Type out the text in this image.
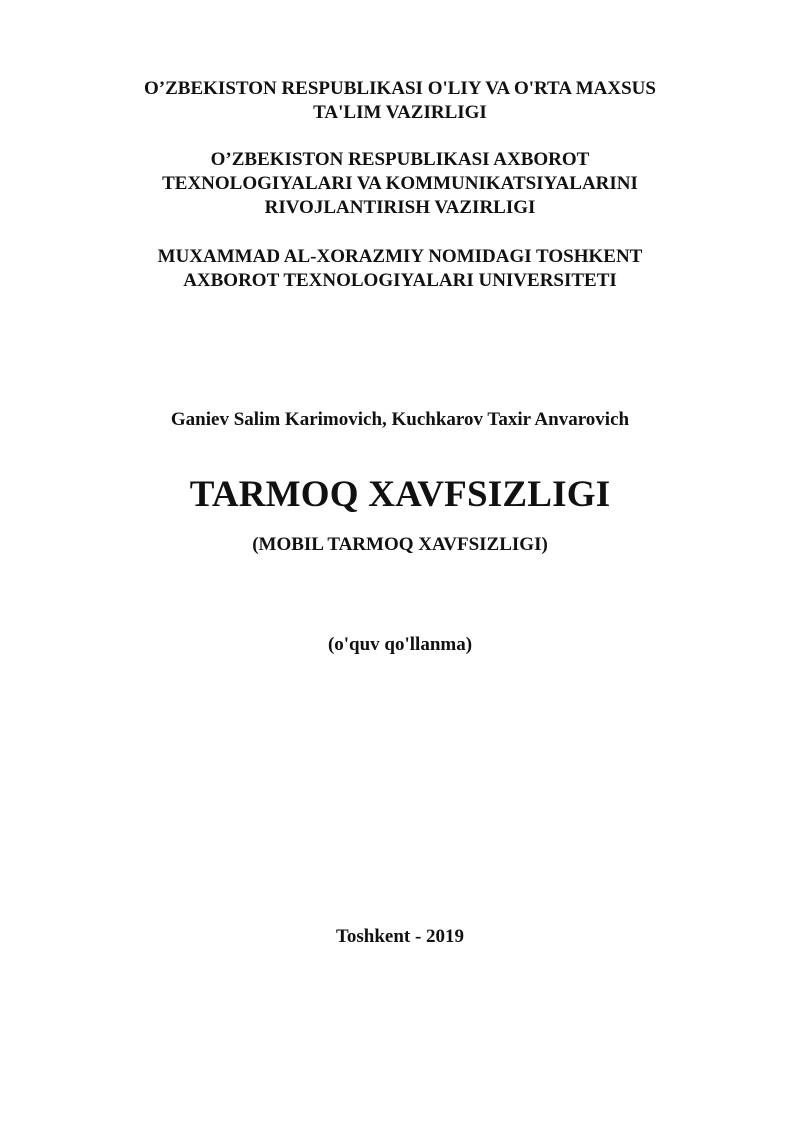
O’ZBEKISTON RESPUBLIKASI O'LIY VA O'RTA MAXSUS
TA'LIM VAZIRLIGI
O’ZBEKISTON RESPUBLIKASI AXBOROT
TEXNOLOGIYALARI VA KOMMUNIKATSIYALARINI
RIVOJLANTIRISH VAZIRLIGI
MUXAMMAD AL-XORAZMIY NOMIDAGI TOSHKENT
AXBOROT TEXNOLOGIYALARI UNIVERSITETI
Ganiev Salim Karimovich, Kuchkarov Taxir Anvarovich
TARMOQ XAVFSIZLIGI
(MOBIL TARMOQ XAVFSIZLIGI)
(o'quv qo'llanma)
Toshkent - 2019
